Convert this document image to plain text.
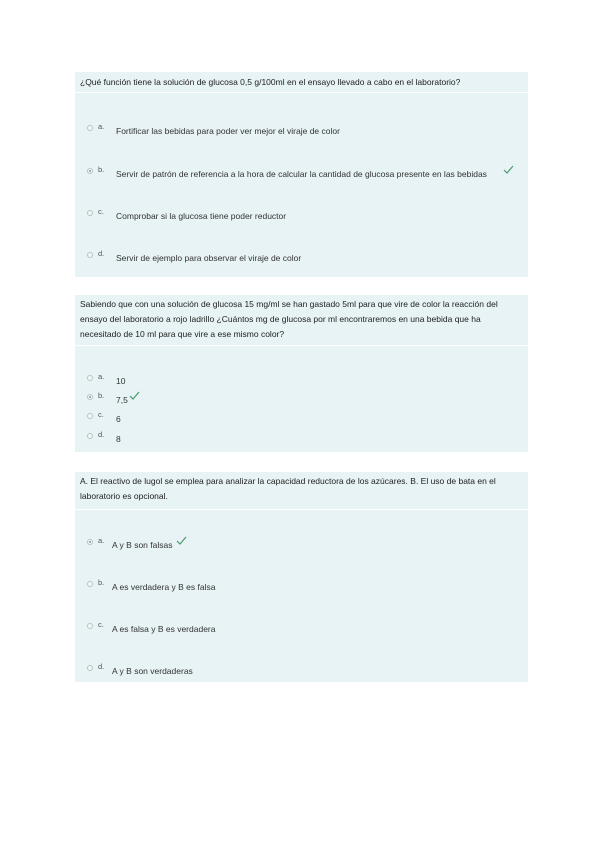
¿Qué función tiene la solución de glucosa 0,5 g/100ml en el ensayo llevado a cabo en el laboratorio?
a. Fortificar las bebidas para poder ver mejor el viraje de color
b. Servir de patrón de referencia a la hora de calcular la cantidad de glucosa presente en las bebidas
c. Comprobar si la glucosa tiene poder reductor
d. Servir de ejemplo para observar el viraje de color
Sabiendo que con una solución de glucosa 15 mg/ml se han gastado 5ml para que vire de color la reacción del
ensayo del laboratorio a rojo ladrillo ¿Cuántos mg de glucosa por ml encontraremos en una bebida que ha
necesitado de 10 ml para que vire a ese mismo color?
a. 10
b. 7,5
c. 6
d. 8
A. El reactivo de lugol se emplea para analizar la capacidad reductora de los azúcares. B. El uso de bata en el
laboratorio es opcional.
a. A y B son falsas
b. A es verdadera y B es falsa
c. A es falsa y B es verdadera
d. A y B son verdaderas
